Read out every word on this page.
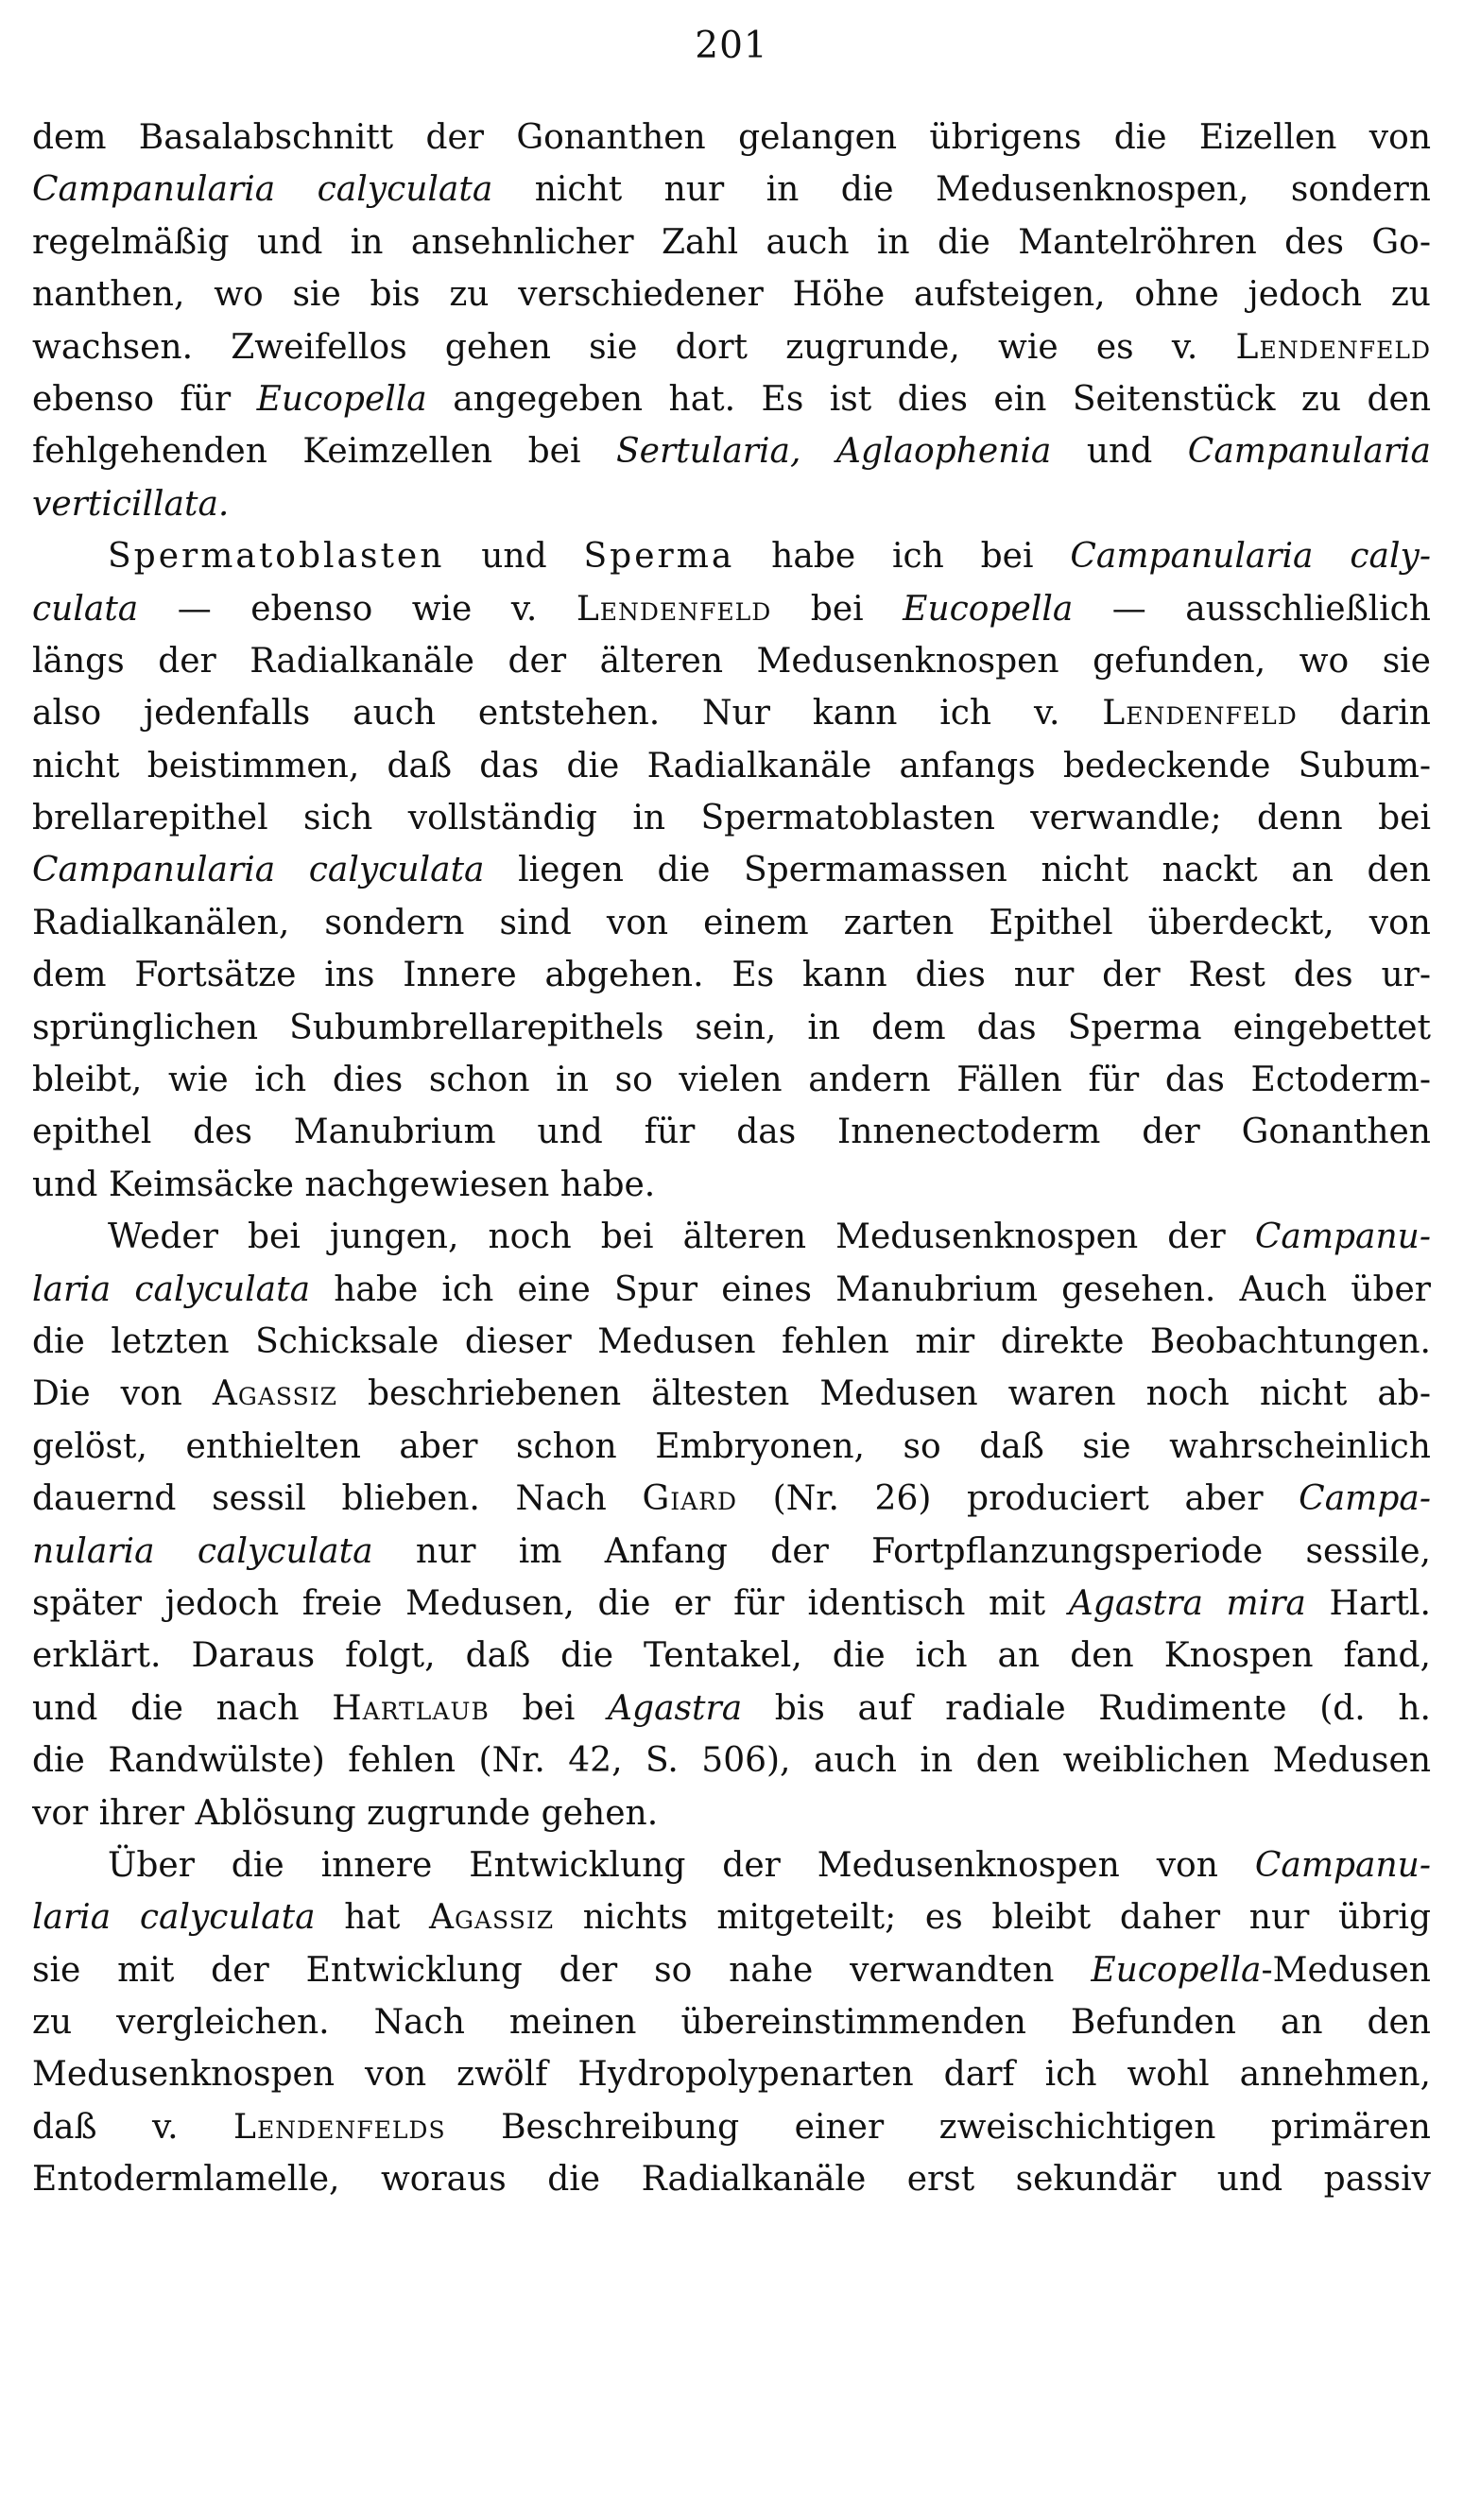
201
dem Basalabschnitt der Gonanthen gelangen übrigens die Eizellen von
Campanularia calyculata nicht nur in die Medusenknospen, sondern
regelmäßig und in ansehnlicher Zahl auch in die Mantelröhren des Go-
nanthen, wo sie bis zu verschiedener Höhe aufsteigen, ohne jedoch zu
wachsen. Zweifellos gehen sie dort zugrunde, wie es v. Lendenfeld
ebenso für Eucopella angegeben hat. Es ist dies ein Seitenstück zu den
fehlgehenden Keimzellen bei Sertularia, Aglaophenia und Campanularia
verticillata.
Spermatoblasten und Sperma habe ich bei Campanularia caly-
culata — ebenso wie v. Lendenfeld bei Eucopella — ausschließlich
längs der Radialkanäle der älteren Medusenknospen gefunden, wo sie
also jedenfalls auch entstehen. Nur kann ich v. Lendenfeld darin
nicht beistimmen, daß das die Radialkanäle anfangs bedeckende Subum-
brellarepithel sich vollständig in Spermatoblasten verwandle; denn bei
Campanularia calyculata liegen die Spermamassen nicht nackt an den
Radialkanälen, sondern sind von einem zarten Epithel überdeckt, von
dem Fortsätze ins Innere abgehen. Es kann dies nur der Rest des ur-
sprünglichen Subumbrellarepithels sein, in dem das Sperma eingebettet
bleibt, wie ich dies schon in so vielen andern Fällen für das Ectoderm-
epithel des Manubrium und für das Innenectoderm der Gonanthen
und Keimsäcke nachgewiesen habe.
Weder bei jungen, noch bei älteren Medusenknospen der Campanu-
laria calyculata habe ich eine Spur eines Manubrium gesehen. Auch über
die letzten Schicksale dieser Medusen fehlen mir direkte Beobachtungen.
Die von Agassiz beschriebenen ältesten Medusen waren noch nicht ab-
gelöst, enthielten aber schon Embryonen, so daß sie wahrscheinlich
dauernd sessil blieben. Nach Giard (Nr. 26) produciert aber Campa-
nularia calyculata nur im Anfang der Fortpflanzungsperiode sessile,
später jedoch freie Medusen, die er für identisch mit Agastra mira Hartl.
erklärt. Daraus folgt, daß die Tentakel, die ich an den Knospen fand,
und die nach Hartlaub bei Agastra bis auf radiale Rudimente (d. h.
die Randwülste) fehlen (Nr. 42, S. 506), auch in den weiblichen Medusen
vor ihrer Ablösung zugrunde gehen.
Über die innere Entwicklung der Medusenknospen von Campanu-
laria calyculata hat Agassiz nichts mitgeteilt; es bleibt daher nur übrig
sie mit der Entwicklung der so nahe verwandten Eucopella-Medusen
zu vergleichen. Nach meinen übereinstimmenden Befunden an den
Medusenknospen von zwölf Hydropolypenarten darf ich wohl annehmen,
daß v. Lendenfelds Beschreibung einer zweischichtigen primären
Entodermlamelle, woraus die Radialkanäle erst sekundär und passiv
